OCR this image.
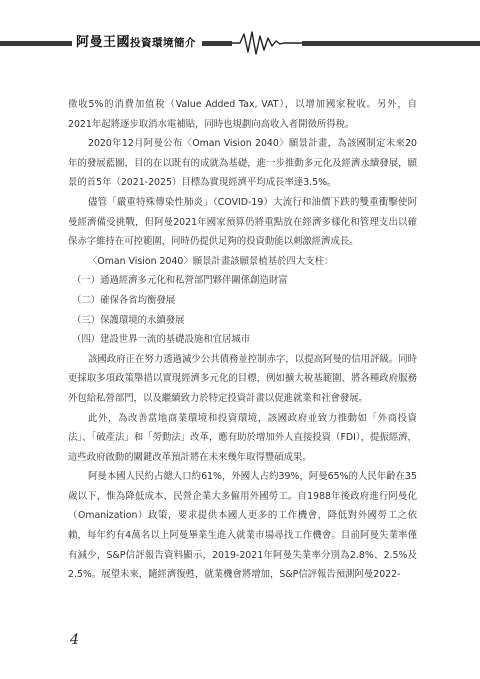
阿曼王國投資環境簡介

徵收5%的消費加值稅（Value Added Tax, VAT），以增加國家稅收。另外，自2021年起將逐步取消水電補貼，同時也規劃向高收入者開徵所得稅。

2020年12月阿曼公布〈Oman Vision 2040〉願景計畫，為該國制定未來20年的發展藍圖，目的在以既有的成就為基礎，進一步推動多元化及經濟永續發展，願景的首5年（2021-2025）目標為實現經濟平均成長率達3.5%。

儘管「嚴重特殊傳染性肺炎」（COVID-19）大流行和油價下跌的雙重衝擊使阿曼經濟備受挑戰，但阿曼2021年國家預算仍將重點放在經濟多樣化和管理支出以確保赤字維持在可控範圍，同時仍提供足夠的投資動能以刺激經濟成長。

〈Oman Vision 2040〉願景計畫該願景植基於四大支柱：

（一）通過經濟多元化和私營部門夥伴關係創造財富

（二）確保各省均衡發展

（三）保護環境的永續發展

（四）建設世界一流的基礎設施和宜居城市

該國政府正在努力透過減少公共債務並控制赤字，以提高阿曼的信用評級。同時更採取多項政策舉措以實現經濟多元化的目標，例如擴大稅基範圍、將各種政府服務外包給私營部門，以及繼續致力於特定投資計畫以促進就業和社會發展。

此外，為改善當地商業環境和投資環境，該國政府並致力推動如「外商投資法」、「破產法」和「勞動法」改革，應有助於增加外人直接投資（FDI），提振經濟，這些政府啟動的關鍵改革預計將在未來幾年取得豐碩成果。

阿曼本國人民約占總人口約61%，外國人占約39%，阿曼65%的人民年齡在35歲以下，惟為降低成本，民營企業大多僱用外國勞工。自1988年後政府進行阿曼化（Omanization）政策，要求提供本國人更多的工作機會，降低對外國勞工之依賴，每年約有4萬名以上阿曼畢業生進入就業市場尋找工作機會。目前阿曼失業率僅有減少，S&P信評報告資料顯示，2019-2021年阿曼失業率分別為2.8%、2.5%及2.5%。展望未來，隨經濟復甦，就業機會將增加，S&P信評報告預測阿曼2022-

4
